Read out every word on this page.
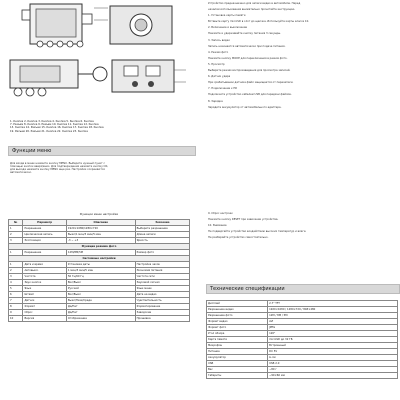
1. Кнопка 2. Кнопка 3. Кнопка 4. Кнопка 5. Кнопка 6. Кнопка

7. Разъем 8. Кнопка 9. Разъем 10. Кнопка 11. Кнопка 12. Кнопка

13. Кнопка 14. Разъем 15. Кнопка 16. Кнопка 17. Кнопка 18. Кнопка

19. Разъем 20. Разъем 21. Кнопка 22. Кнопка 23. Кнопка

Функции меню

Для входа в меню нажмите кнопку MENU. Выберите нужный пункт с

помощью кнопок вверх/вниз. Для подтверждения нажмите кнопку OK,

для выхода нажмите кнопку MENU еще раз. Настройки сохраняются

автоматически.

Функции меню настройки
№	Параметр	Описание	Значение
1	Разрешение	1920×1080/1280×720	Выберите разрешение
2	Циклическая запись	Выкл/1 мин/3 мин/5 мин	Длина записи
3	Экспозиция	-3 ~ +3	Яркость
Функции режима фото			
1	Разрешение	12M/8M/5M	Размер фото
Системные настройки			
1	Дата и время	Установка даты	Настройка часов
2	Автовыкл.	1 мин/3 мин/5 мин	Экономия питания
3	Частота	50 Гц/60 Гц	Частота сети
4	Звук кнопок	Вкл/Выкл	Звуковой сигнал
5	Язык	Русский	Язык меню
6	Штамп	Вкл/Выкл	Дата на видео
7	Датчик	Выкл/Низк/Средн	Чувствительность
8	Формат	Да/Нет	Форматирование
9	Сброс	Да/Нет	Заводские
10	Версия	Отображение	Прошивка

Устройство предназначено для записи видео в автомобиле. Перед

началом использования внимательно прочитайте инструкцию.

1. Установка карты памяти

Вставьте карту microSD в слот до щелчка. Используйте карты класса 10.

2. Включение и выключение

Нажмите и удерживайте кнопку питания 3 секунды.

3. Запись видео

Запись начинается автоматически при подаче питания.

4. Режим фото

Нажмите кнопку MODE для переключения в режим фото.

5. Просмотр

Выберите режим воспроизведения для просмотра записей.

6. Датчик удара

При срабатывании датчика файл защищается от перезаписи.

7. Подключение к ПК

Подключите устройство кабелем USB для передачи файлов.

8. Зарядка

Зарядите аккумулятор от автомобильного адаптера.

9. Сброс настроек

Нажмите кнопку RESET при зависании устройства.

10. Внимание

Не подвергайте устройство воздействию высоких температур и влаги.

Не разбирайте устройство самостоятельно.

Технические спецификации
Дисплей	2.7" TFT
Разрешение видео	1920×1080 / 1280×720 / 848×480
Разрешение фото	12M / 8M / 5M
Формат видео	AVI
Формат фото	JPEG
Угол обзора	120°
Карта памяти	microSD до 32 ГБ
Микрофон	Встроенный
Питание	DC 5V
Аккумулятор	Li-ion
USB	USB 2.0
Вес	~80 г
Габариты	~90×60 мм
